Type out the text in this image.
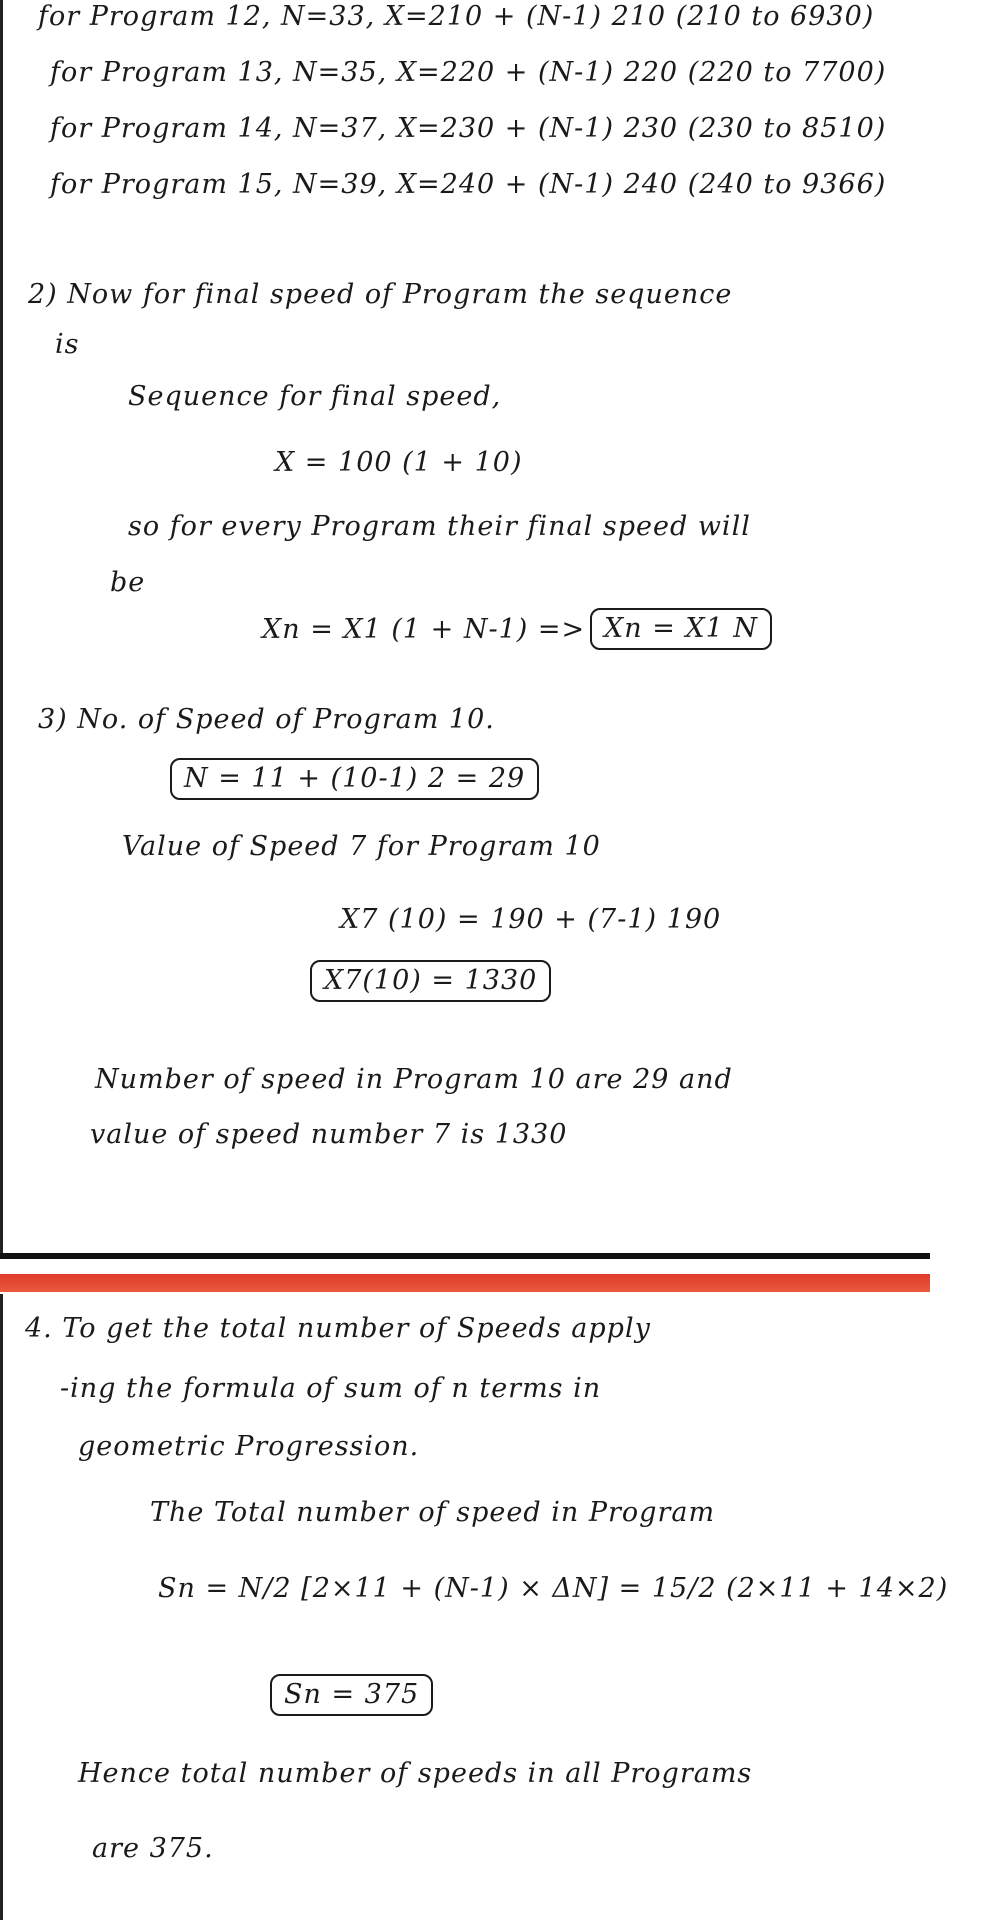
for Program 12, N=33, X=210 + (N-1) 210 (210 to 6930)
for Program 13, N=35, X=220 + (N-1) 220 (220 to 7700)
for Program 14, N=37, X=230 + (N-1) 230 (230 to 8510)
for Program 15, N=39, X=240 + (N-1) 240 (240 to 9366)
2) Now for final speed of Program the sequence
is
Sequence for final speed,
X = 100 (1 + 10)
so for every Program their final speed will
be
Xn = X1 (1 + N-1) => Xn = X1 N
3) No. of Speed of Program 10.
N = 11 + (10-1) 2 = 29
Value of Speed 7 for Program 10
X7 (10) = 190 + (7-1) 190
X7(10) = 1330
Number of speed in Program 10 are 29 and
value of speed number 7 is 1330
4. To get the total number of Speeds apply
-ing the formula of sum of n terms in
geometric Progression.
The Total number of speed in Program
Sn = N/2 [2×11 + (N-1) × ΔN] = 15/2 (2×11 + 14×2)
Sn = 375
Hence total number of speeds in all Programs
are 375.
